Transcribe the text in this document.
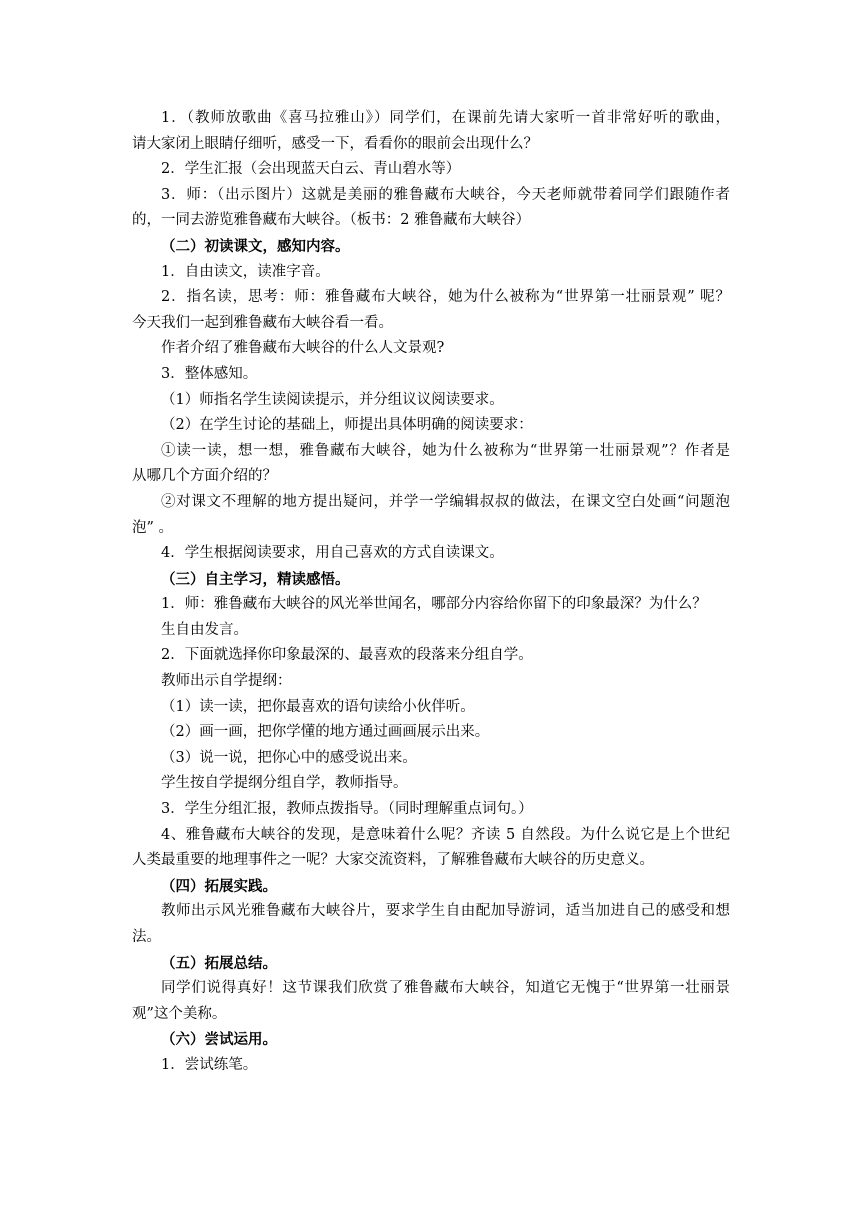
1．（教师放歌曲《喜马拉雅山》）同学们，在课前先请大家听一首非常好听的歌曲，
请大家闭上眼睛仔细听，感受一下，看看你的眼前会出现什么？
2．学生汇报（会出现蓝天白云、青山碧水等）
3．师：（出示图片）这就是美丽的雅鲁藏布大峡谷，今天老师就带着同学们跟随作者
的，一同去游览雅鲁藏布大峡谷。（板书：2 雅鲁藏布大峡谷）
（二）初读课文，感知内容。
1．自由读文，读准字音。
2．指名读，思考：师：雅鲁藏布大峡谷，她为什么被称为“世界第一壮丽景观” 呢？
今天我们一起到雅鲁藏布大峡谷看一看。
作者介绍了雅鲁藏布大峡谷的什么人文景观?
3．整体感知。
（1）师指名学生读阅读提示，并分组议议阅读要求。
（2）在学生讨论的基础上，师提出具体明确的阅读要求：
①读一读，想一想，雅鲁藏布大峡谷，她为什么被称为“世界第一壮丽景观”？作者是
从哪几个方面介绍的？
②对课文不理解的地方提出疑问，并学一学编辑叔叔的做法，在课文空白处画“问题泡
泡” 。
4．学生根据阅读要求，用自己喜欢的方式自读课文。
（三）自主学习，精读感悟。
1．师：雅鲁藏布大峡谷的风光举世闻名，哪部分内容给你留下的印象最深？为什么？
生自由发言。
2．下面就选择你印象最深的、最喜欢的段落来分组自学。
教师出示自学提纲：
（1）读一读，把你最喜欢的语句读给小伙伴听。
（2）画一画，把你学懂的地方通过画画展示出来。
（3）说一说，把你心中的感受说出来。
学生按自学提纲分组自学，教师指导。
3．学生分组汇报，教师点拨指导。（同时理解重点词句。）
4、雅鲁藏布大峡谷的发现，是意味着什么呢？齐读 5 自然段。为什么说它是上个世纪
人类最重要的地理事件之一呢？大家交流资料，了解雅鲁藏布大峡谷的历史意义。
（四）拓展实践。
教师出示风光雅鲁藏布大峡谷片，要求学生自由配加导游词，适当加进自己的感受和想
法。
（五）拓展总结。
同学们说得真好！这节课我们欣赏了雅鲁藏布大峡谷，知道它无愧于“世界第一壮丽景
观”这个美称。
（六）尝试运用。
1．尝试练笔。
